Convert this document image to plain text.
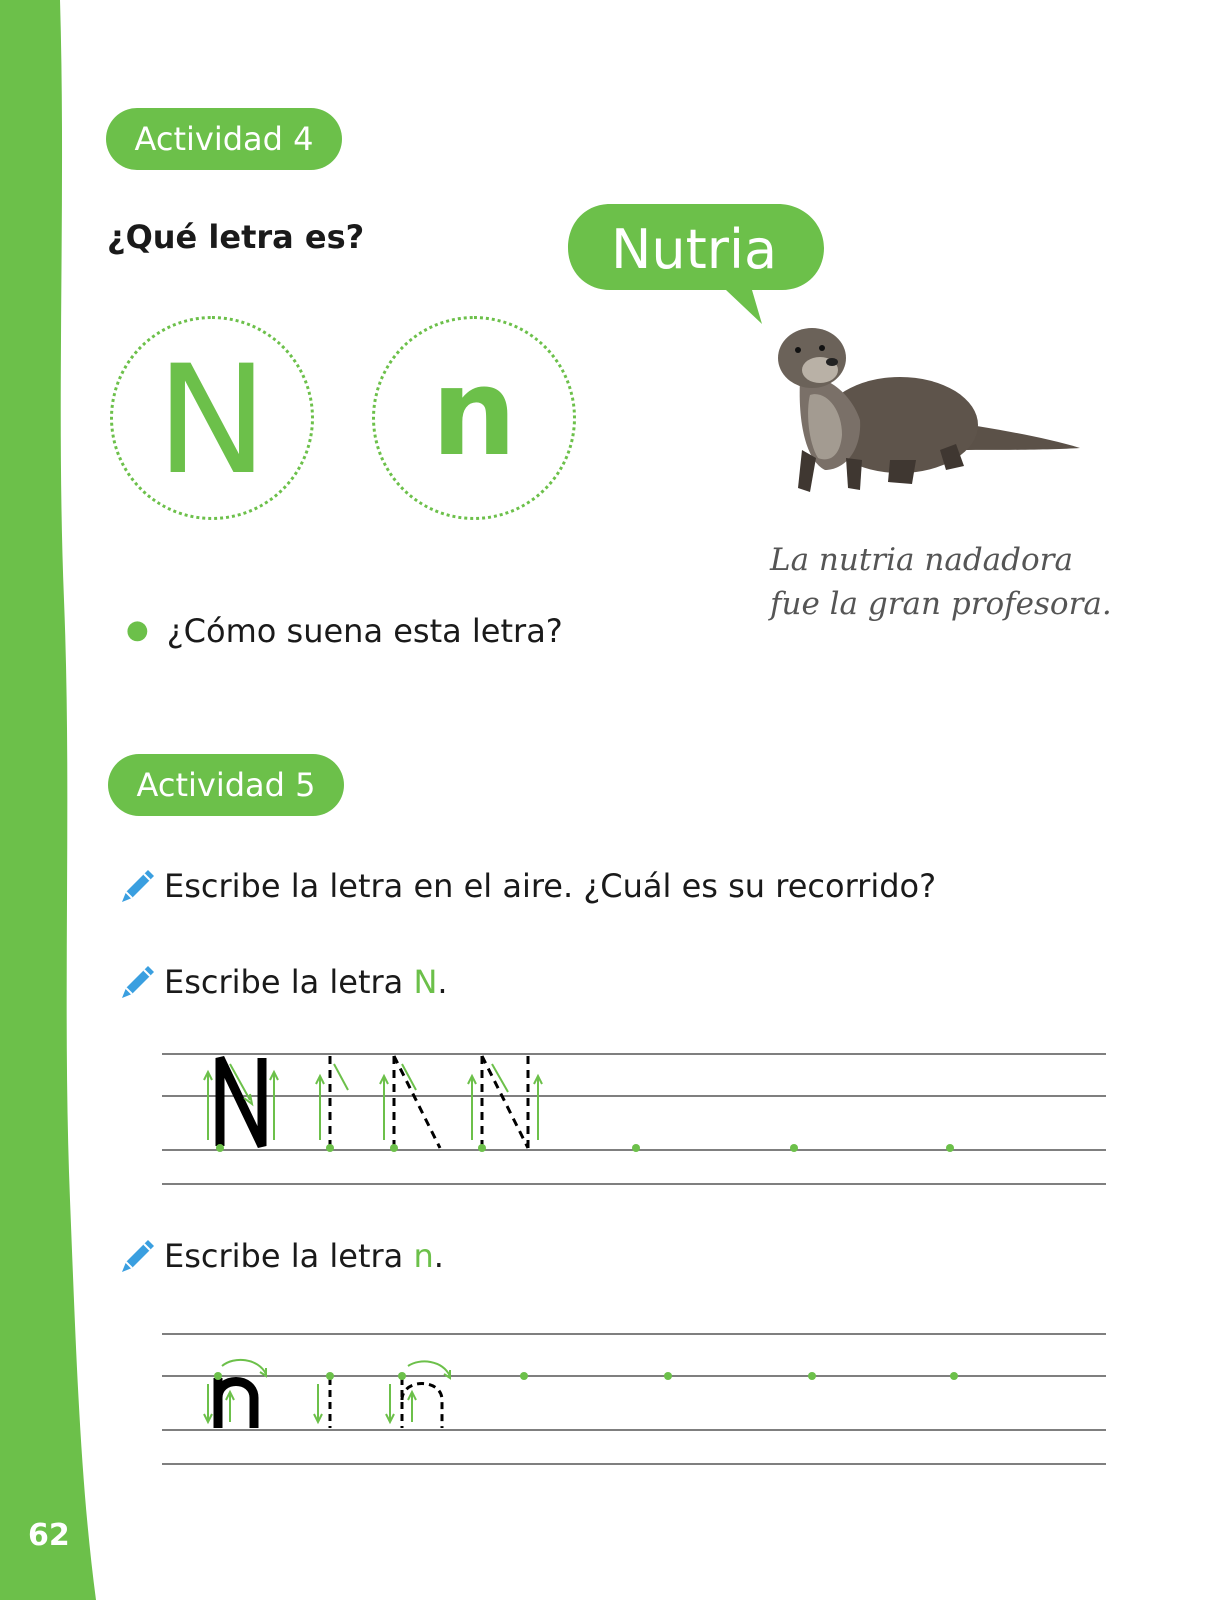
62
Actividad 4
¿Qué letra es?
N	n
Nutria
La nutria nadadora
fue la gran profesora.
● ¿Cómo suena esta letra?
Actividad 5
Escribe la letra en el aire. ¿Cuál es su recorrido?
Escribe la letra N.
Escribe la letra n.
